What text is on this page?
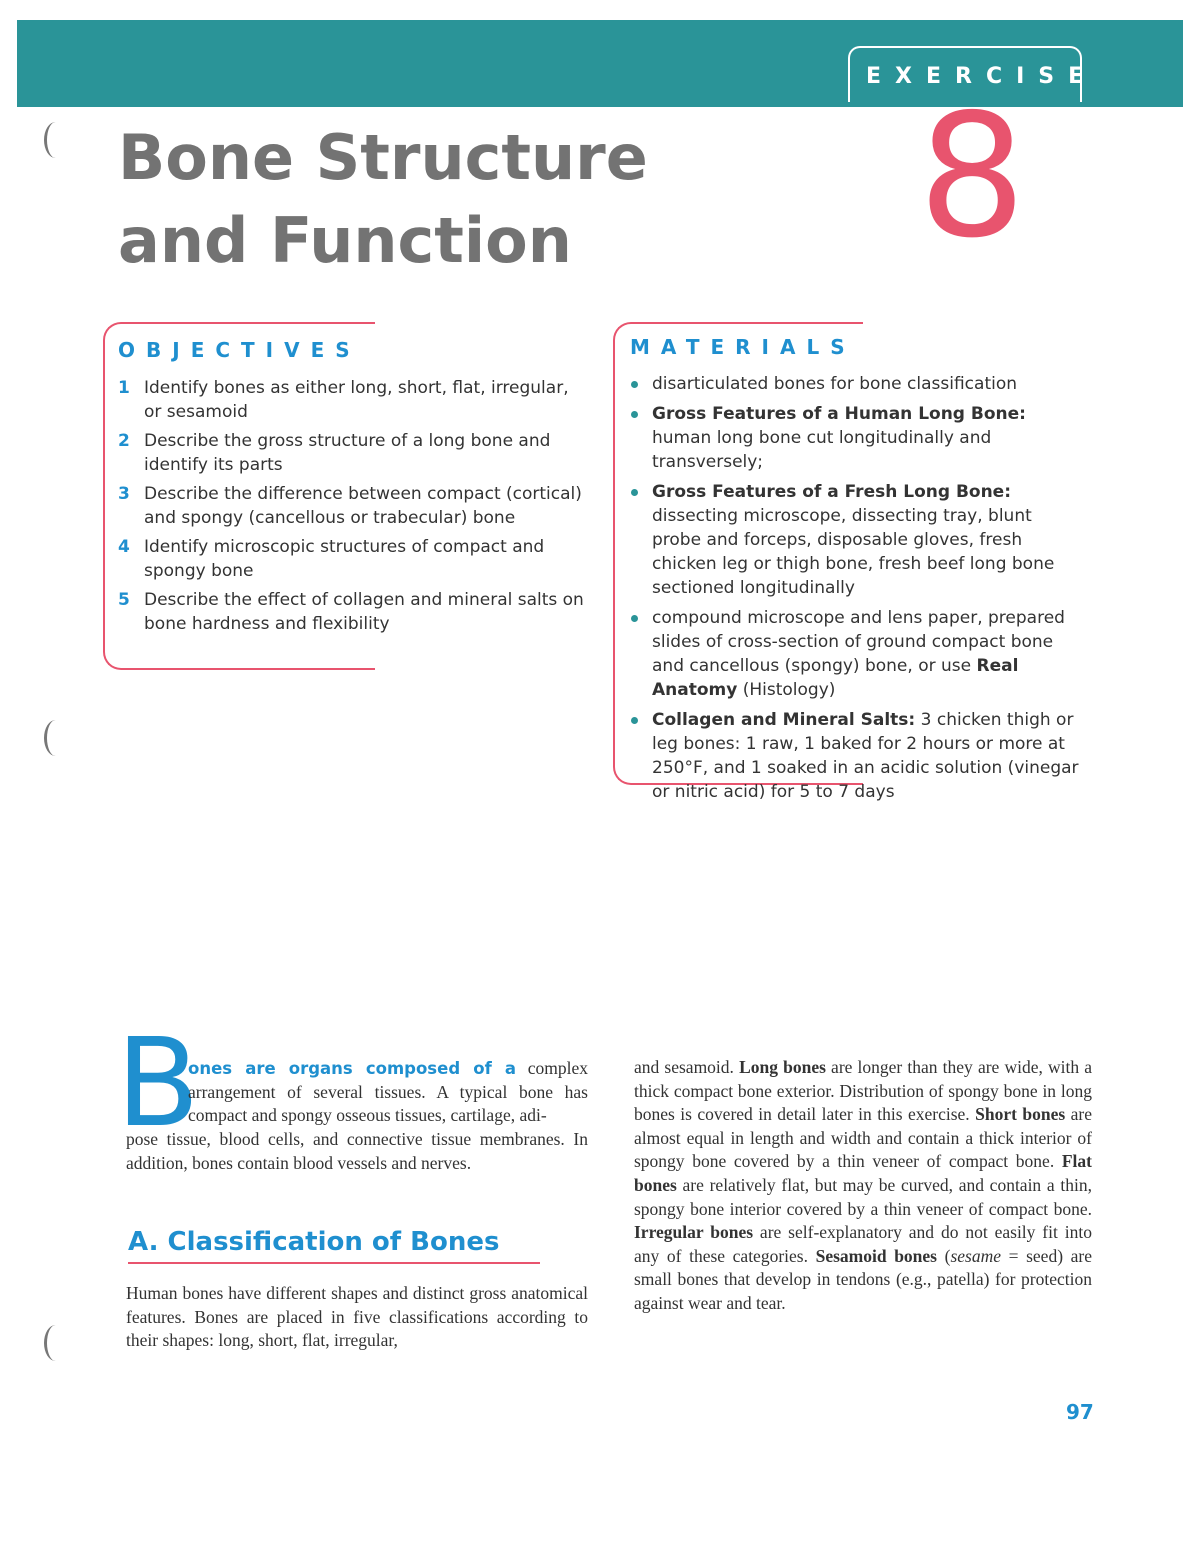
EXERCISE
Bone Structure
and Function	8
OBJECTIVES
1 Identify bones as either long, short, flat, irregular, or sesamoid
2 Describe the gross structure of a long bone and identify its parts
3 Describe the difference between compact (cortical) and spongy (cancellous or trabecular) bone
4 Identify microscopic structures of compact and spongy bone
5 Describe the effect of collagen and mineral salts on bone hardness and flexibility
MATERIALS
disarticulated bones for bone classification
Gross Features of a Human Long Bone: human long bone cut longitudinally and transversely;
Gross Features of a Fresh Long Bone: dissecting microscope, dissecting tray, blunt probe and forceps, disposable gloves, fresh chicken leg or thigh bone, fresh beef long bone sectioned longitudinally
compound microscope and lens paper, prepared slides of cross-section of ground compact bone and cancellous (spongy) bone, or use Real Anatomy (Histology)
Collagen and Mineral Salts: 3 chicken thigh or leg bones: 1 raw, 1 baked for 2 hours or more at 250°F, and 1 soaked in an acidic solution (vinegar or nitric acid) for 5 to 7 days
B

ones are organs composed of a complex arrangement of several tissues. A typical bone has compact and spongy osseous tissues, cartilage, adi-

pose tissue, blood cells, and connective tissue membranes. In addition, bones contain blood vessels and nerves.

A. Classification of Bones

Human bones have different shapes and distinct gross anatomical features. Bones are placed in five classifications according to their shapes: long, short, flat, irregular,

and sesamoid. Long bones are longer than they are wide, with a thick compact bone exterior. Distribution of spongy bone in long bones is covered in detail later in this exercise. Short bones are almost equal in length and width and contain a thick interior of spongy bone covered by a thin veneer of compact bone. Flat bones are relatively flat, but may be curved, and contain a thin, spongy bone interior covered by a thin veneer of compact bone. Irregular bones are self-explanatory and do not easily fit into any of these categories. Sesamoid bones (sesame = seed) are small bones that develop in tendons (e.g., patella) for protection against wear and tear.

97
